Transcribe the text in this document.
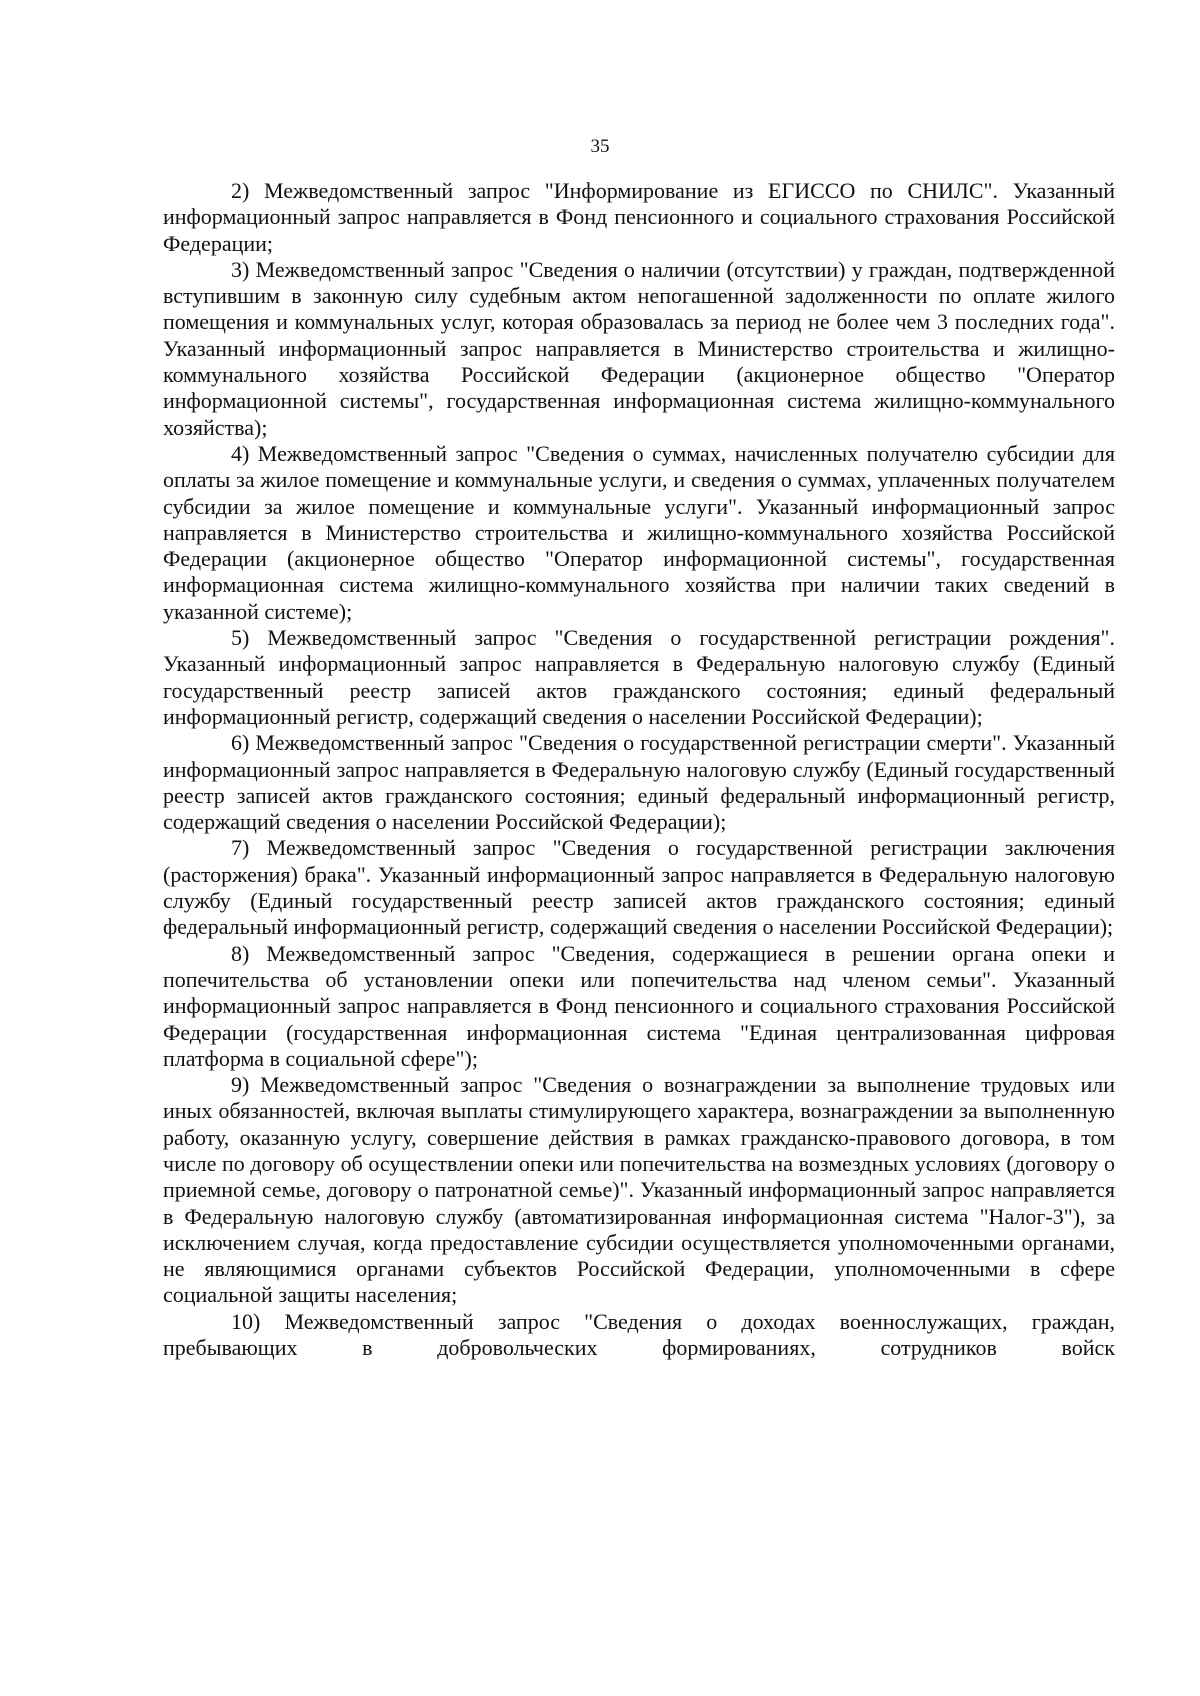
35

2) Межведомственный запрос "Информирование из ЕГИССО по СНИЛС". Указанный информационный запрос направляется в Фонд пенсионного и социального страхования Российской Федерации;

3) Межведомственный запрос "Сведения о наличии (отсутствии) у граждан, подтвержденной вступившим в законную силу судебным актом непогашенной задолженности по оплате жилого помещения и коммунальных услуг, которая образовалась за период не более чем 3 последних года". Указанный информационный запрос направляется в Министерство строительства и жилищно-коммунального хозяйства Российской Федерации (акционерное общество "Оператор информационной системы", государственная информационная система жилищно-коммунального хозяйства);

4) Межведомственный запрос "Сведения о суммах, начисленных получателю субсидии для оплаты за жилое помещение и коммунальные услуги, и сведения о суммах, уплаченных получателем субсидии за жилое помещение и коммунальные услуги". Указанный информационный запрос направляется в Министерство строительства и жилищно-коммунального хозяйства Российской Федерации (акционерное общество "Оператор информационной системы", государственная информационная система жилищно-коммунального хозяйства при наличии таких сведений в указанной системе);

5) Межведомственный запрос "Сведения о государственной регистрации рождения". Указанный информационный запрос направляется в Федеральную налоговую службу (Единый государственный реестр записей актов гражданского состояния; единый федеральный информационный регистр, содержащий сведения о населении Российской Федерации);

6) Межведомственный запрос "Сведения о государственной регистрации смерти". Указанный информационный запрос направляется в Федеральную налоговую службу (Единый государственный реестр записей актов гражданского состояния; единый федеральный информационный регистр, содержащий сведения о населении Российской Федерации);

7) Межведомственный запрос "Сведения о государственной регистрации заключения (расторжения) брака". Указанный информационный запрос направляется в Федеральную налоговую службу (Единый государственный реестр записей актов гражданского состояния; единый федеральный информационный регистр, содержащий сведения о населении Российской Федерации);

8) Межведомственный запрос "Сведения, содержащиеся в решении органа опеки и попечительства об установлении опеки или попечительства над членом семьи". Указанный информационный запрос направляется в Фонд пенсионного и социального страхования Российской Федерации (государственная информационная система "Единая централизованная цифровая платформа в социальной сфере");

9) Межведомственный запрос "Сведения о вознаграждении за выполнение трудовых или иных обязанностей, включая выплаты стимулирующего характера, вознаграждении за выполненную работу, оказанную услугу, совершение действия в рамках гражданско-правового договора, в том числе по договору об осуществлении опеки или попечительства на возмездных условиях (договору о приемной семье, договору о патронатной семье)". Указанный информационный запрос направляется в Федеральную налоговую службу (автоматизированная информационная система "Налог-3"), за исключением случая, когда предоставление субсидии осуществляется уполномоченными органами, не являющимися органами субъектов Российской Федерации, уполномоченными в сфере социальной защиты населения;

10) Межведомственный запрос "Сведения о доходах военнослужащих, граждан, пребывающих в добровольческих формированиях, сотрудников войск
